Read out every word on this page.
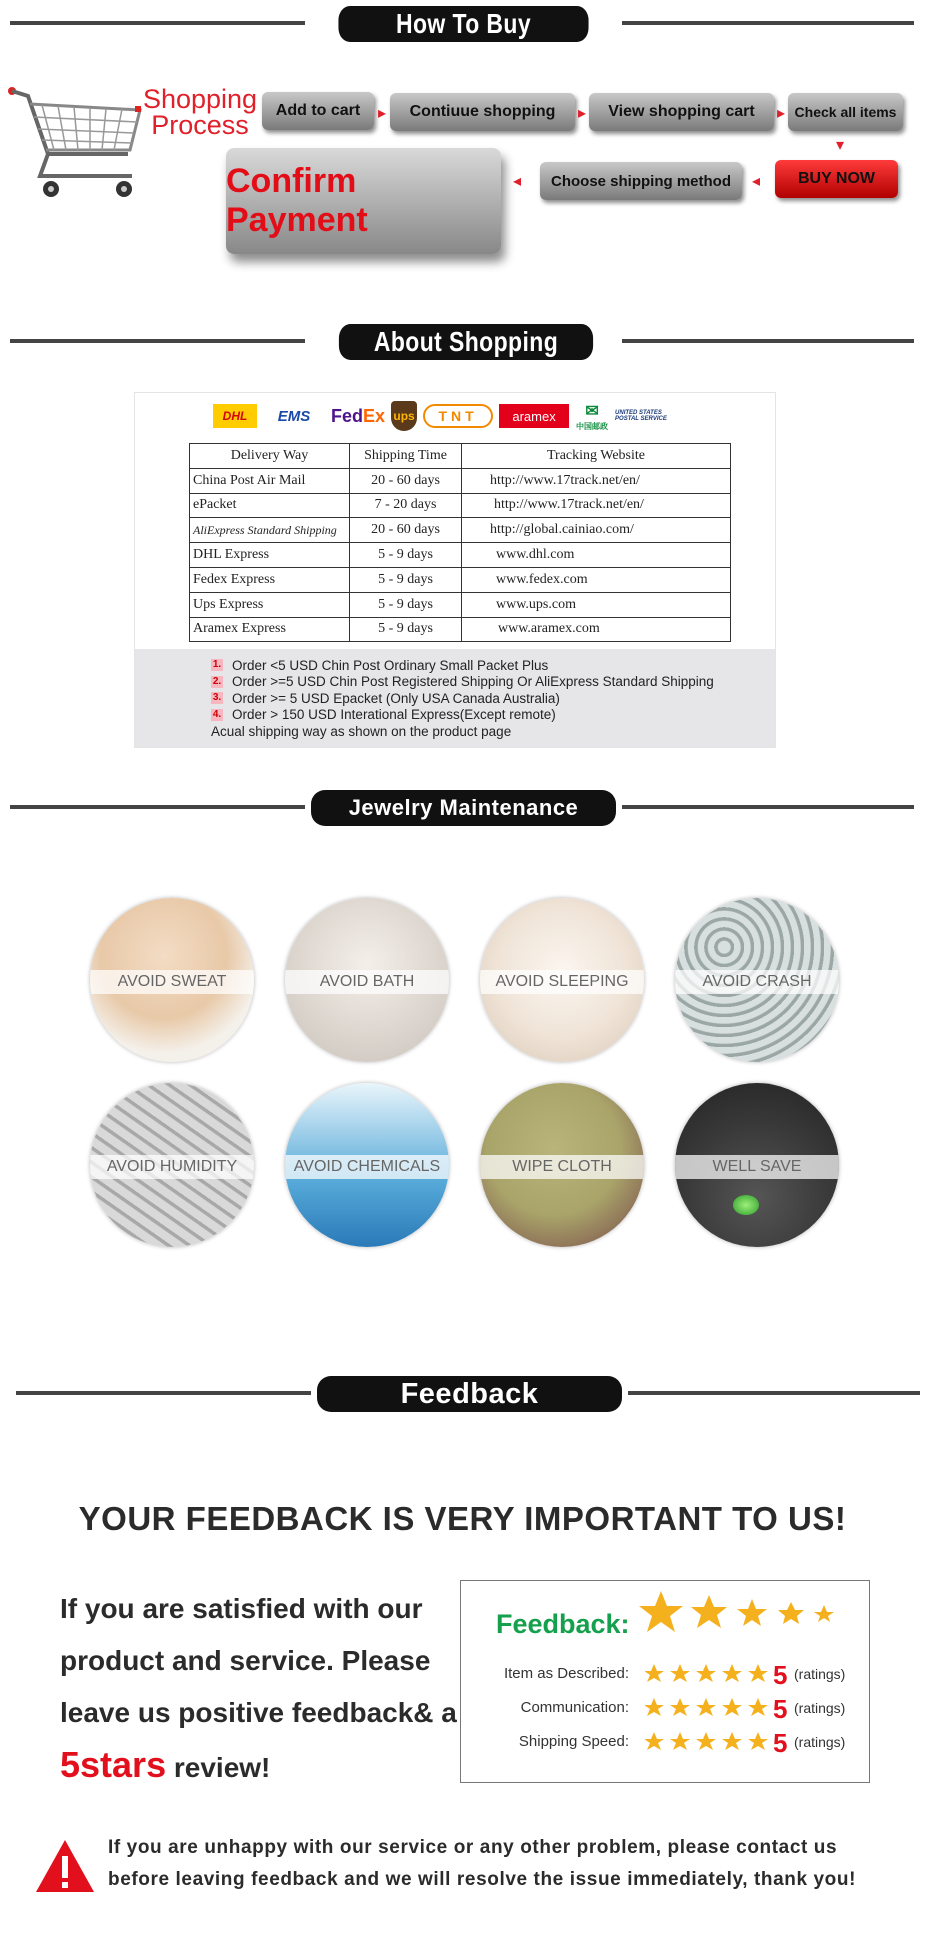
How To Buy
Shopping
Process	Add to cart ▸ Contiuue shopping ▸ View shopping cart ▸ Check all items
▾
BUY NOW
◂
Choose shipping method
◂
Confirm Payment
About Shopping
DHL	EMS	Fed Ex ups	TNT	aramex	✉
中国邮政
UNITED STATES POSTAL SERVICE
Delivery Way	Shipping Time	Tracking Website
China Post Air Mail	20 - 60 days	http://www.17track.net/en/
ePacket	7 - 20 days	http://www.17track.net/en/
AliExpress Standard Shipping	20 - 60 days	http://global.cainiao.com/
DHL Express	5 - 9 days	www.dhl.com
Fedex Express	5 - 9 days	www.fedex.com
Ups Express	5 - 9 days	www.ups.com
Aramex Express	5 - 9 days	www.aramex.com
1. Order <5 USD Chin Post Ordinary Small Packet Plus
2. Order >=5 USD Chin Post Registered Shipping Or AliExpress Standard Shipping
3. Order >= 5 USD Epacket (Only USA Canada Australia)
4. Order > 150 USD Interational Express(Except remote)
Acual shipping way as shown on the product page
Jewelry Maintenance
AVOID SWEAT	AVOID BATH	AVOID SLEEPING	AVOID CRASH
AVOID HUMIDITY	AVOID CHEMICALS	WIPE CLOTH	WELL SAVE
Feedback
YOUR FEEDBACK IS VERY IMPORTANT TO US!
If you are satisfied with our
product and service. Please
leave us positive feedback& a
5stars review!
Feedback:
Item as Described:	5 (ratings)
Communication:	5 (ratings)
Shipping Speed:	5 (ratings)
If you are unhappy with our service or any other problem, please contact us
before leaving feedback and we will resolve the issue immediately, thank you!
